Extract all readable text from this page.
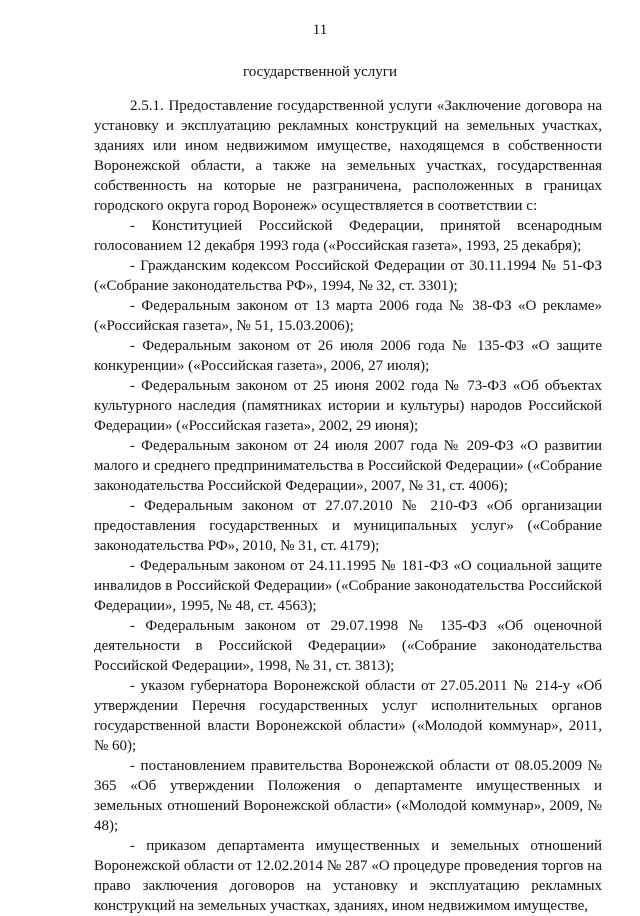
11
государственной услуги

2.5.1. Предоставление государственной услуги «Заключение договора на установку и эксплуатацию рекламных конструкций на земельных участках, зданиях или ином недвижимом имуществе, находящемся в собственности Воронежской области, а также на земельных участках, государственная собственность на которые не разграничена, расположенных в границах городского округа город Воронеж» осуществляется в соответствии с:

- Конституцией Российской Федерации, принятой всенародным голосованием 12 декабря 1993 года («Российская газета», 1993, 25 декабря);

- Гражданским кодексом Российской Федерации от 30.11.1994 № 51-ФЗ («Собрание законодательства РФ», 1994, № 32, ст. 3301);

- Федеральным законом от 13 марта 2006 года № 38-ФЗ «О рекламе» («Российская газета», № 51, 15.03.2006);

- Федеральным законом от 26 июля 2006 года № 135-ФЗ «О защите конкуренции» («Российская газета», 2006, 27 июля);

- Федеральным законом от 25 июня 2002 года № 73-ФЗ «Об объектах культурного наследия (памятниках истории и культуры) народов Российской Федерации» («Российская газета», 2002, 29 июня);

- Федеральным законом от 24 июля 2007 года № 209-ФЗ «О развитии малого и среднего предпринимательства в Российской Федерации» («Собрание законодательства Российской Федерации», 2007, № 31, ст. 4006);

- Федеральным законом от 27.07.2010 № 210-ФЗ «Об организации предоставления государственных и муниципальных услуг» («Собрание законодательства РФ», 2010, № 31, ст. 4179);

- Федеральным законом от 24.11.1995 № 181-ФЗ «О социальной защите инвалидов в Российской Федерации» («Собрание законодательства Российской Федерации», 1995, № 48, ст. 4563);

- Федеральным законом от 29.07.1998 № 135-ФЗ «Об оценочной деятельности в Российской Федерации» («Собрание законодательства Российской Федерации», 1998, № 31, ст. 3813);

- указом губернатора Воронежской области от 27.05.2011 № 214-у «Об утверждении Перечня государственных услуг исполнительных органов государственной власти Воронежской области» («Молодой коммунар», 2011, № 60);

- постановлением правительства Воронежской области от 08.05.2009 № 365 «Об утверждении Положения о департаменте имущественных и земельных отношений Воронежской области» («Молодой коммунар», 2009, № 48);

- приказом департамента имущественных и земельных отношений Воронежской области от 12.02.2014 № 287 «О процедуре проведения торгов на право заключения договоров на установку и эксплуатацию рекламных конструкций на земельных участках, зданиях, ином недвижимом имуществе,
